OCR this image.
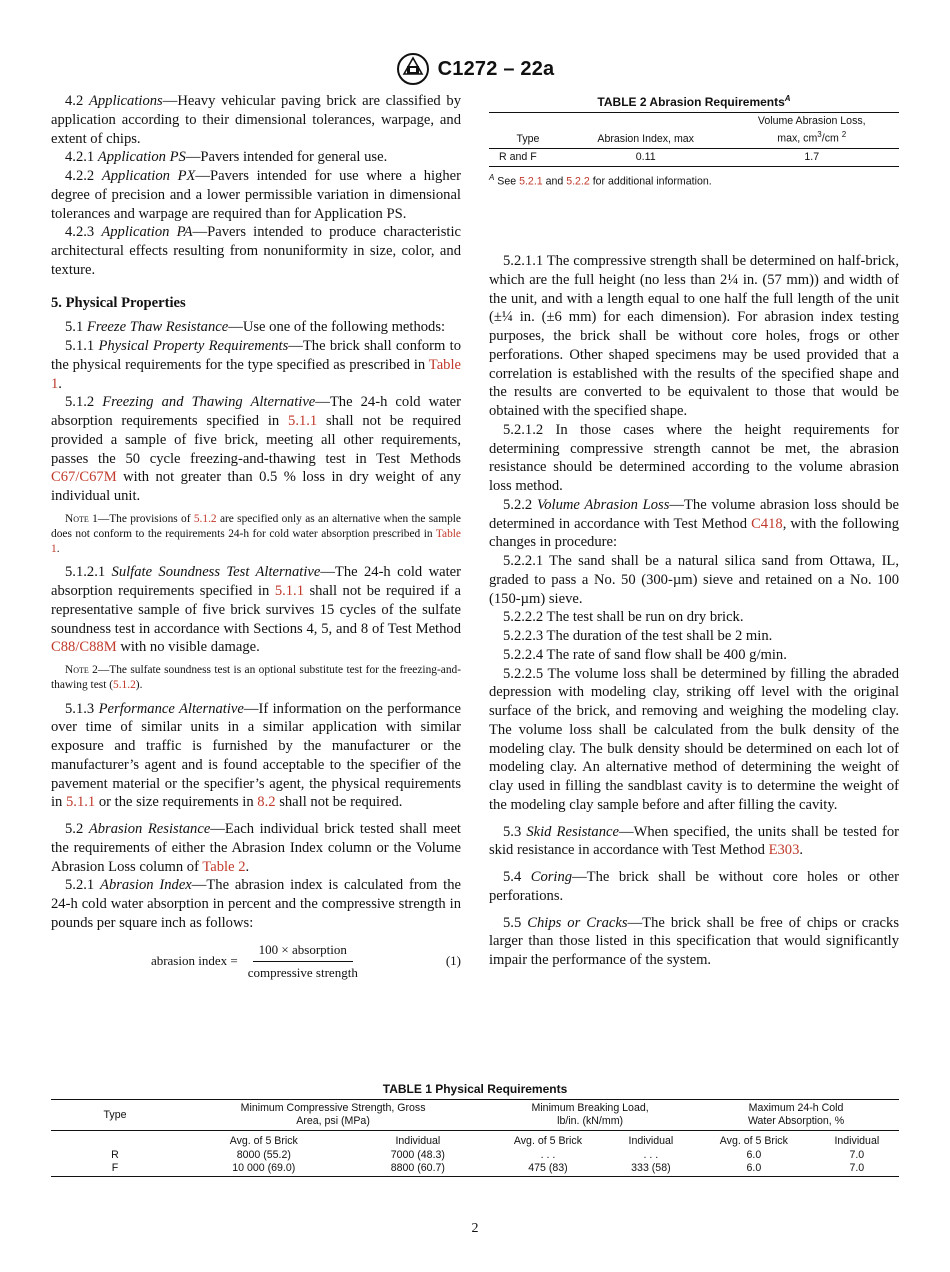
C1272 – 22a

4.2 Applications—Heavy vehicular paving brick are classified by application according to their dimensional tolerances, warpage, and extent of chips.

4.2.1 Application PS—Pavers intended for general use.

4.2.2 Application PX—Pavers intended for use where a higher degree of precision and a lower permissible variation in dimensional tolerances and warpage are required than for Application PS.

4.2.3 Application PA—Pavers intended to produce characteristic architectural effects resulting from nonuniformity in size, color, and texture.

5. Physical Properties

5.1 Freeze Thaw Resistance—Use one of the following methods:

5.1.1 Physical Property Requirements—The brick shall conform to the physical requirements for the type specified as prescribed in Table 1.

5.1.2 Freezing and Thawing Alternative—The 24-h cold water absorption requirements specified in 5.1.1 shall not be required provided a sample of five brick, meeting all other requirements, passes the 50 cycle freezing-and-thawing test in Test Methods C67/C67M with not greater than 0.5 % loss in dry weight of any individual unit.

Note 1—The provisions of 5.1.2 are specified only as an alternative when the sample does not conform to the requirements 24-h for cold water absorption prescribed in Table 1.

5.1.2.1 Sulfate Soundness Test Alternative—The 24-h cold water absorption requirements specified in 5.1.1 shall not be required if a representative sample of five brick survives 15 cycles of the sulfate soundness test in accordance with Sections 4, 5, and 8 of Test Method C88/C88M with no visible damage.

Note 2—The sulfate soundness test is an optional substitute test for the freezing-and-thawing test (5.1.2).

5.1.3 Performance Alternative—If information on the performance over time of similar units in a similar application with similar exposure and traffic is furnished by the manufacturer or the manufacturer’s agent and is found acceptable to the specifier of the pavement material or the specifier’s agent, the physical requirements in 5.1.1 or the size requirements in 8.2 shall not be required.

5.2 Abrasion Resistance—Each individual brick tested shall meet the requirements of either the Abrasion Index column or the Volume Abrasion Loss column of Table 2.

5.2.1 Abrasion Index—The abrasion index is calculated from the 24-h cold water absorption in percent and the compressive strength in pounds per square inch as follows:

abrasion index = $\frac{\text{100 × absorption}}{\text{compressive strength}}$	(1)
TABLE 2 Abrasion Requirements$^A$
Type	Abrasion Index, max	Volume Abrasion Loss,
max, $cm^3/cm$ $^2$
R and F	0.11	1.7
$^A$ See 5.2.1 and 5.2.2 for additional information.

5.2.1.1 The compressive strength shall be determined on half-brick, which are the full height (no less than 2¼ in. (57 mm)) and width of the unit, and with a length equal to one half the full length of the unit (±¼ in. (±6 mm) for each dimension). For abrasion index testing purposes, the brick shall be without core holes, frogs or other perforations. Other shaped specimens may be used provided that a correlation is established with the results of the specified shape and the results are converted to be equivalent to those that would be obtained with the specified shape.

5.2.1.2 In those cases where the height requirements for determining compressive strength cannot be met, the abrasion resistance should be determined according to the volume abrasion loss method.

5.2.2 Volume Abrasion Loss—The volume abrasion loss should be determined in accordance with Test Method C418, with the following changes in procedure:

5.2.2.1 The sand shall be a natural silica sand from Ottawa, IL, graded to pass a No. 50 (300-µm) sieve and retained on a No. 100 (150-µm) sieve.

5.2.2.2 The test shall be run on dry brick.

5.2.2.3 The duration of the test shall be 2 min.

5.2.2.4 The rate of sand flow shall be 400 g/min.

5.2.2.5 The volume loss shall be determined by filling the abraded depression with modeling clay, striking off level with the original surface of the brick, and removing and weighing the modeling clay. The volume loss shall be calculated from the bulk density of the modeling clay. The bulk density should be determined on each lot of modeling clay. An alternative method of determining the weight of clay used in filling the sandblast cavity is to determine the weight of the modeling clay sample before and after filling the cavity.

5.3 Skid Resistance—When specified, the units shall be tested for skid resistance in accordance with Test Method E303.

5.4 Coring—The brick shall be without core holes or other perforations.

5.5 Chips or Cracks—The brick shall be free of chips or cracks larger than those listed in this specification that would significantly impair the performance of the system.

TABLE 1 Physical Requirements
Type	Minimum Compressive Strength, Gross
Area, psi (MPa)		Minimum Breaking Load,
lb/in. (kN/mm)		Maximum 24-h Cold
Water Absorption, %	
	Avg. of 5 Brick	Individual	Avg. of 5 Brick	Individual	Avg. of 5 Brick	Individual
R	8000 (55.2)	7000 (48.3)	. . .	. . .	6.0	7.0
F	10 000 (69.0)	8800 (60.7)	475 (83)	333 (58)	6.0	7.0
2
